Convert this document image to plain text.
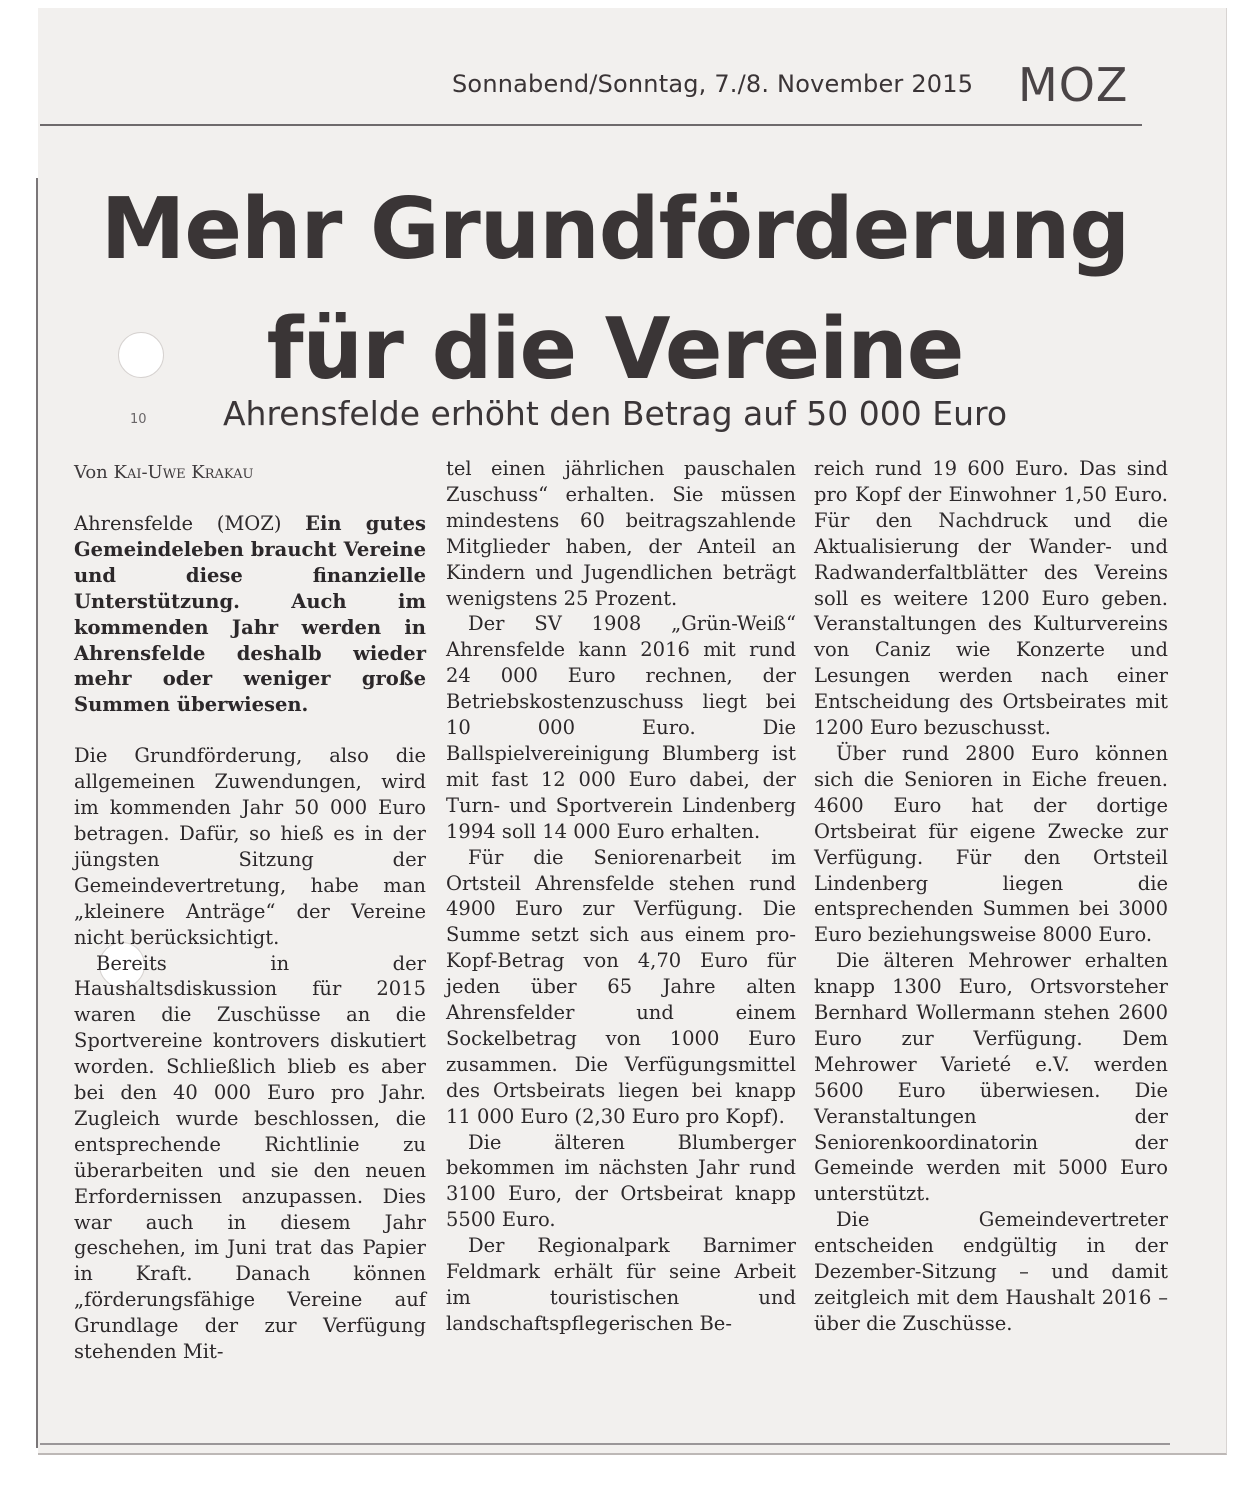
Sonnabend/Sonntag, 7./8. November 2015 MOZ
Mehr Grundförderung
für die Vereine
10	Ahrensfelde erhöht den Betrag auf 50 000 Euro
Von Kai-Uwe Krakau

Ahrensfelde (MOZ) Ein gutes Gemeindeleben braucht Vereine und diese finanzielle Unterstützung. Auch im kommenden Jahr werden in Ahrensfelde deshalb wieder mehr oder weniger große Summen überwiesen.

Die Grundförderung, also die allgemeinen Zuwendungen, wird im kommenden Jahr 50 000 Euro betragen. Dafür, so hieß es in der jüngsten Sitzung der Gemeindevertretung, habe man „kleinere Anträge“ der Vereine nicht berücksichtigt.

Bereits in der Haushaltsdiskussion für 2015 waren die Zuschüsse an die Sportvereine kontrovers diskutiert worden. Schließlich blieb es aber bei den 40 000 Euro pro Jahr. Zugleich wurde beschlossen, die entsprechende Richtlinie zu überarbeiten und sie den neuen Erfordernissen anzupassen. Dies war auch in diesem Jahr geschehen, im Juni trat das Papier in Kraft. Danach können „förderungsfähige Vereine auf Grundlage der zur Verfügung stehenden Mit-

tel einen jährlichen pauschalen Zuschuss“ erhalten. Sie müssen mindestens 60 beitragszahlende Mitglieder haben, der Anteil an Kindern und Jugendlichen beträgt wenigstens 25 Prozent.

Der SV 1908 „Grün-Weiß“ Ahrensfelde kann 2016 mit rund 24 000 Euro rechnen, der Betriebskostenzuschuss liegt bei 10 000 Euro. Die Ballspielvereinigung Blumberg ist mit fast 12 000 Euro dabei, der Turn- und Sportverein Lindenberg 1994 soll 14 000 Euro erhalten.

Für die Seniorenarbeit im Ortsteil Ahrensfelde stehen rund 4900 Euro zur Verfügung. Die Summe setzt sich aus einem pro-Kopf-Betrag von 4,70 Euro für jeden über 65 Jahre alten Ahrensfelder und einem Sockelbetrag von 1000 Euro zusammen. Die Verfügungsmittel des Ortsbeirats liegen bei knapp 11 000 Euro (2,30 Euro pro Kopf).

Die älteren Blumberger bekommen im nächsten Jahr rund 3100 Euro, der Ortsbeirat knapp 5500 Euro.

Der Regionalpark Barnimer Feldmark erhält für seine Arbeit im touristischen und landschaftspflegerischen Be-

reich rund 19 600 Euro. Das sind pro Kopf der Einwohner 1,50 Euro. Für den Nachdruck und die Aktualisierung der Wander- und Radwanderfaltblätter des Vereins soll es weitere 1200 Euro geben. Veranstaltungen des Kulturvereins von Caniz wie Konzerte und Lesungen werden nach einer Entscheidung des Ortsbeirates mit 1200 Euro bezuschusst.

Über rund 2800 Euro können sich die Senioren in Eiche freuen. 4600 Euro hat der dortige Ortsbeirat für eigene Zwecke zur Verfügung. Für den Ortsteil Lindenberg liegen die entsprechenden Summen bei 3000 Euro beziehungsweise 8000 Euro.

Die älteren Mehrower erhalten knapp 1300 Euro, Ortsvorsteher Bernhard Wollermann stehen 2600 Euro zur Verfügung. Dem Mehrower Varieté e.V. werden 5600 Euro überwiesen. Die Veranstaltungen der Seniorenkoordinatorin der Gemeinde werden mit 5000 Euro unterstützt.

Die Gemeindevertreter entscheiden endgültig in der Dezember-Sitzung – und damit zeitgleich mit dem Haushalt 2016 – über die Zuschüsse.
